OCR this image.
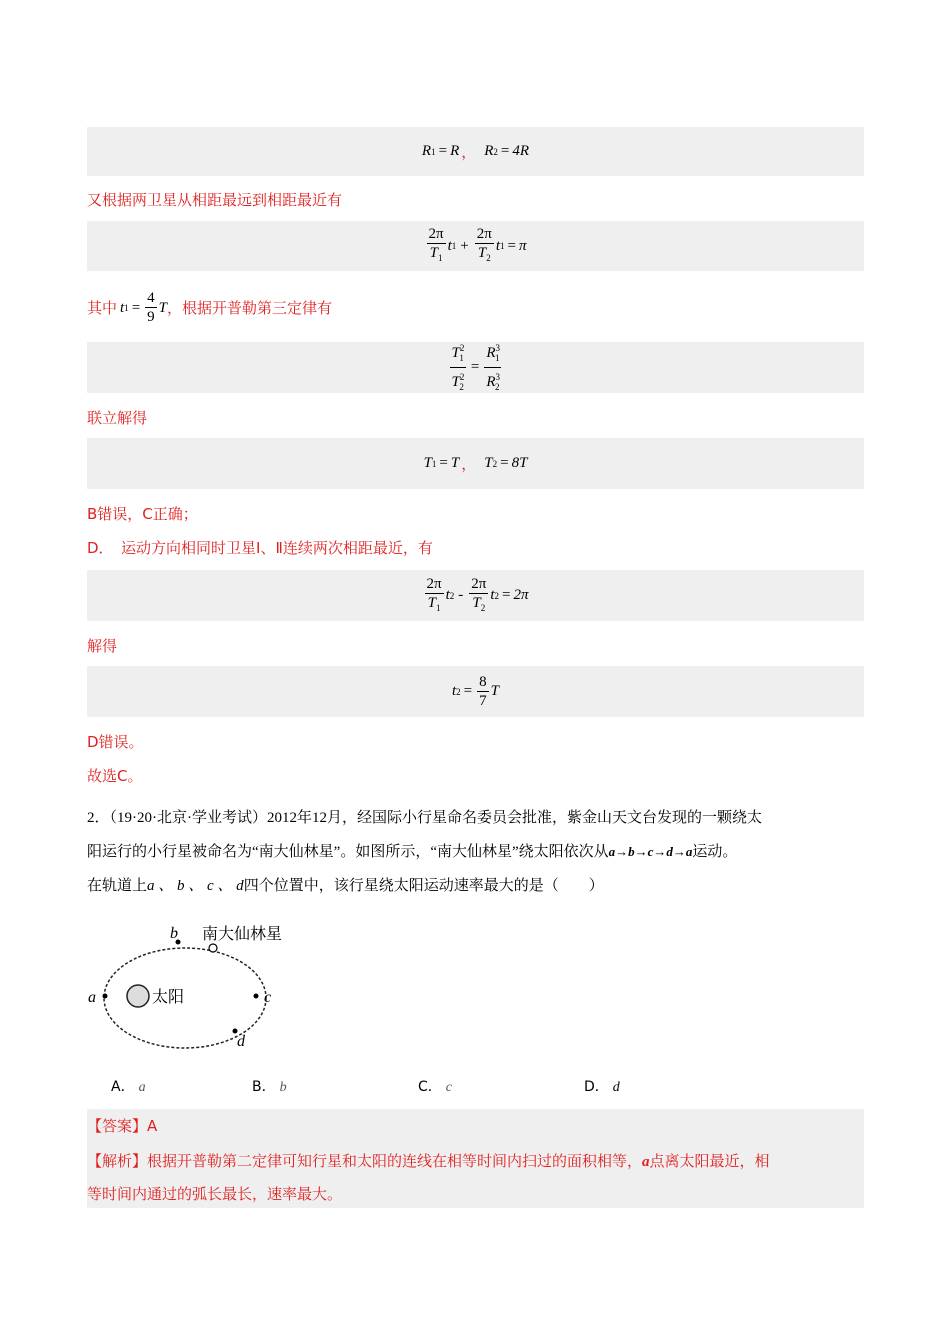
R 1 = R ， R 2 = 4R
又根据两卫星从相距最远到相距最近有
$\frac{2\pi}{T_1}$ t $1 + \frac{2\pi}{T_2}$ t 1 = π
其中 t $1 = \frac{4}{9}$ T ，根据开普勒第三定律有
$\frac{T^2_1}{T^2_2} = \frac{R^3_1}{R^3_2}$
联立解得
T 1 = T ， T 2 = 8T
B错误，C正确；
D．　运动方向相同时卫星Ⅰ、Ⅱ连续两次相距最近，有
$\frac{2\pi}{T_1}$ t $2 - \frac{2\pi}{T_2}$ t 2 = 2π
解得
t $2 = \frac{8}{7}$ T
D错误。
故选C。
2．（19·20·北京·学业考试）2012年12月，经国际小行星命名委员会批准，紫金山天文台发现的一颗绕太
阳运行的小行星被命名为“南大仙林星”。如图所示，“南大仙林星”绕太阳依次从a→b→c→d→a运动。
在轨道上a 、 b 、 c 、 d四个位置中，该行星绕太阳运动速率最大的是（　　）
太阳
a
b 南大仙林星
c
d
A． a	B． b	C． c	D． d
【答案】A
【解析】根据开普勒第二定律可知行星和太阳的连线在相等时间内扫过的面积相等，a点离太阳最近，相
等时间内通过的弧长最长，速率最大。
